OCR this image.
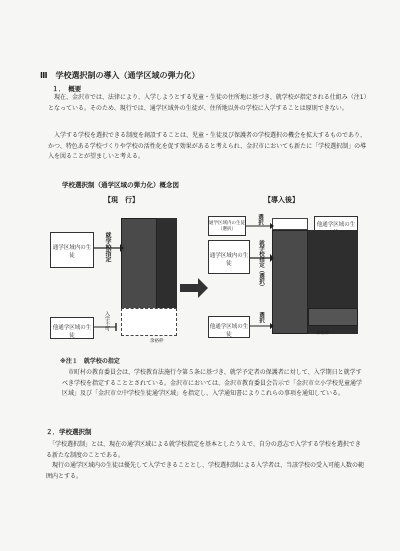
Ⅲ　学校選択制の導入（通学区域の弾力化）
１．　概要
　現在、金沢市では、法律により、入学しようとする児童・生徒の住所地に基づき、就学校が指定される仕組み（注1）となっている。そのため、現行では、通学区域外の生徒が、住所地以外の学校に入学することは原則できない。
　入学する学校を選択できる制度を創設することは、児童・生徒及び保護者の学校選択の機会を拡大するものであり、かつ、特色ある学校づくりや学校の活性化を促す効果があると考えられ、金沢市においても新たに「学校選択制」の導入を図ることが望ましいと考える。
学校選択制（通学区域の弾力化）概念図
【現　行】	【導入後】
通学区域内の生徒
他通学区域の生徒
就学校指定
入学不可
余裕枠
他通学区域の生
通学区域内の生徒（選択）
通学区域内の生徒
他通学区域の生徒
選択
就学校指定（選択）
選択
余裕枠
※注１　就学校の指定
　市町村の教育委員会は、学校教育法施行令第５条に基づき、就学予定者の保護者に対して、入学期日と就学すべき学校を指定することとされている。金沢市においては、金沢市教育委員会告示で「金沢市立小学校児童通学区域」及び「金沢市立中学校生徒通学区域」を指定し、入学通知書によりこれらの事項を通知している。
２．学校選択制
　「学校選択制」とは、現在の通学区域による就学校指定を基本としたうえで、自分の意志で入学する学校を選択できる新たな制度のことである。
　現行の通学区域内の生徒は優先して入学できることとし、学校選択制による入学者は、当該学校の受入可能人数の範囲内とする。
